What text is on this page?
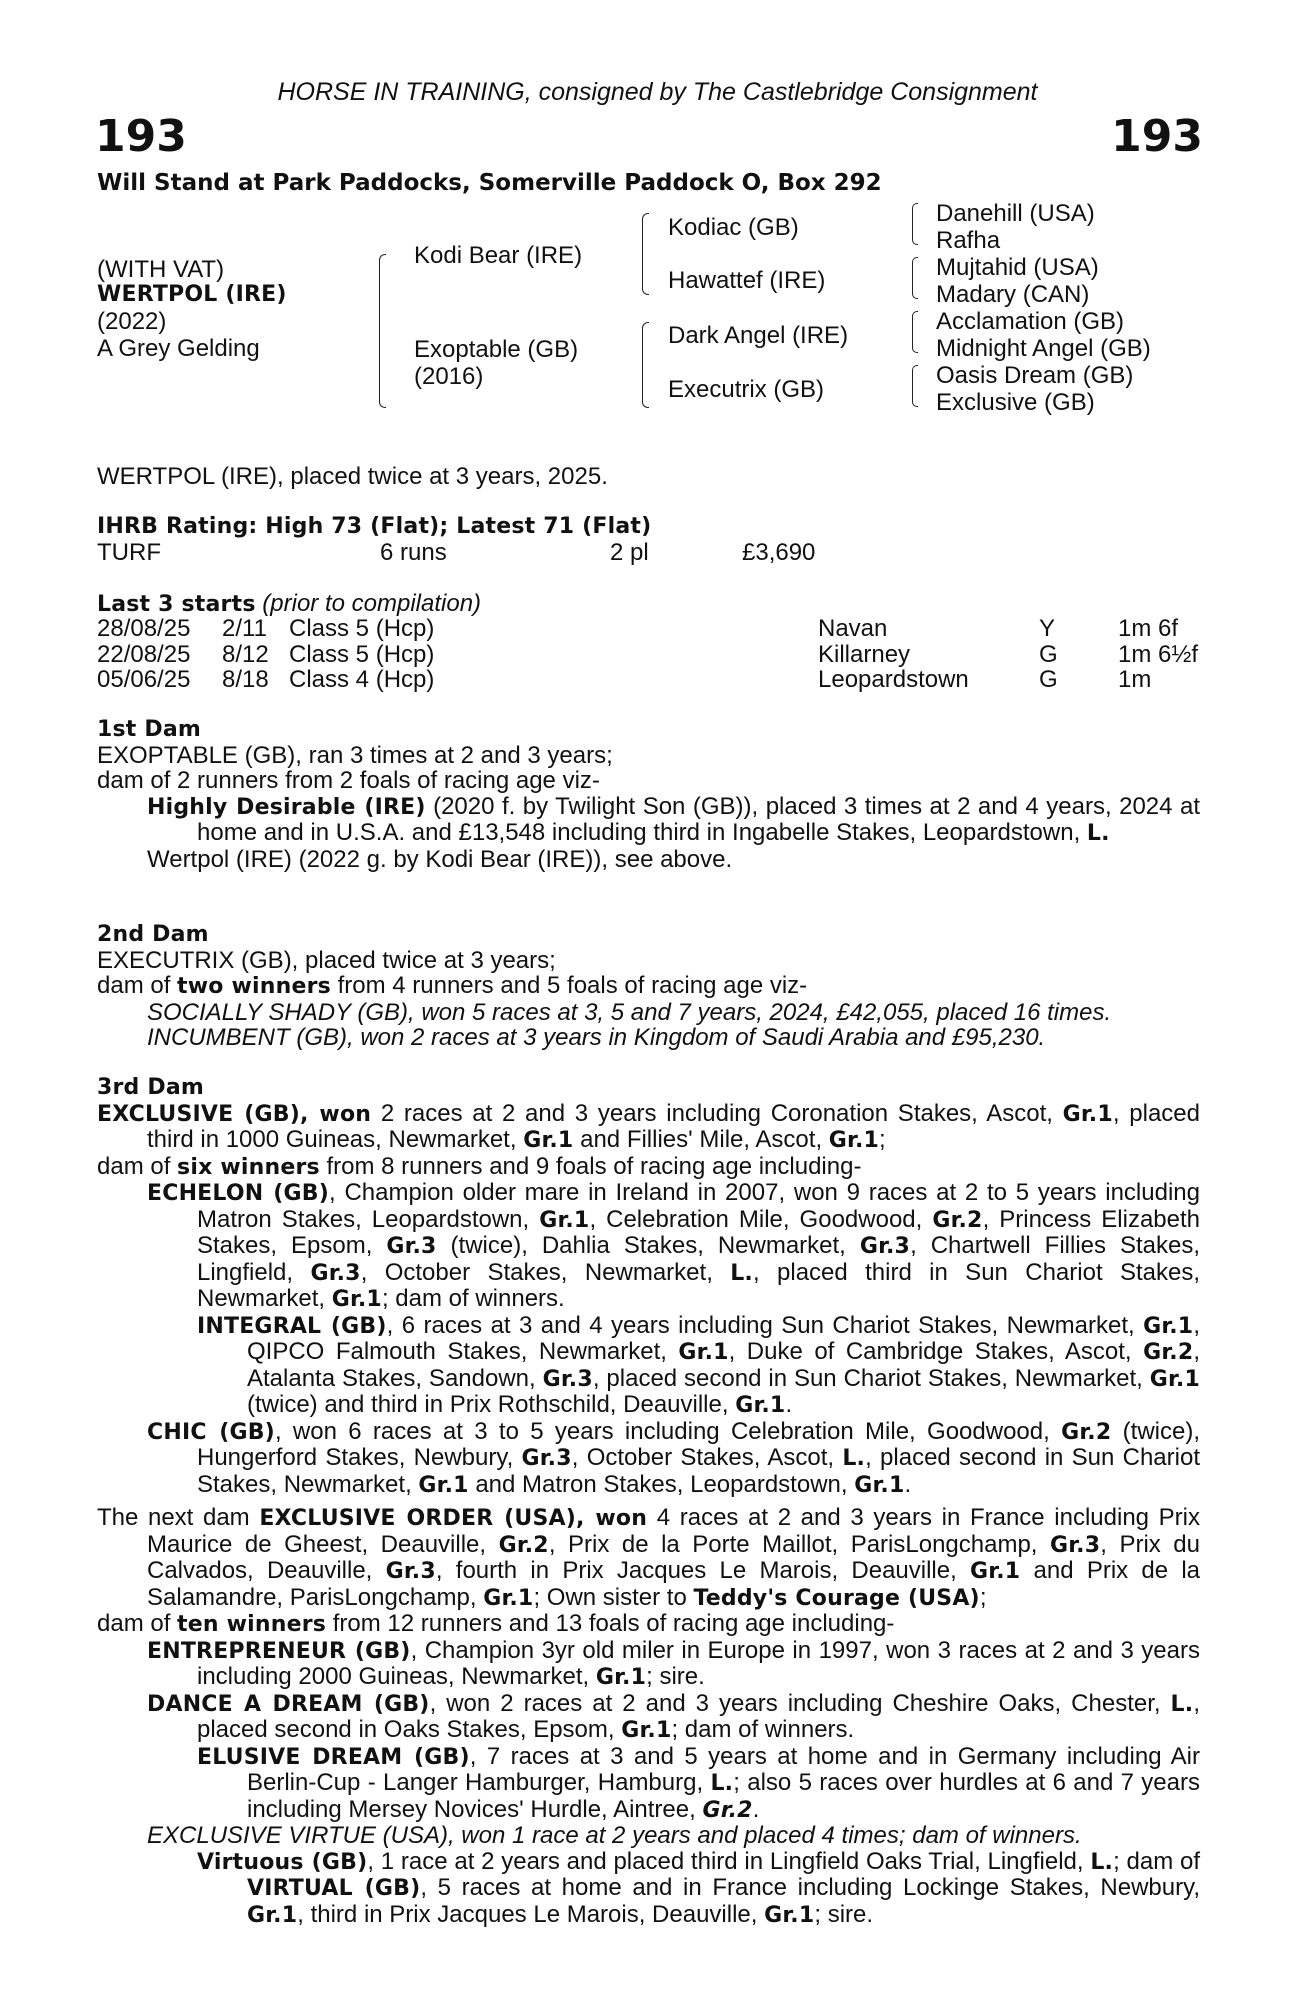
HORSE IN TRAINING, consigned by The Castlebridge Consignment
193	193
Will Stand at Park Paddocks, Somerville Paddock O, Box 292
(WITH VAT)
WERTPOL (IRE)
(2022)
A Grey Gelding
Kodi Bear (IRE)
Exoptable (GB)
(2016)
Kodiac (GB)
Hawattef (IRE)
Dark Angel (IRE)
Executrix (GB)
Danehill (USA)
Rafha
Mujtahid (USA)
Madary (CAN)
Acclamation (GB)
Midnight Angel (GB)
Oasis Dream (GB)
Exclusive (GB)
WERTPOL (IRE), placed twice at 3 years, 2025.
IHRB Rating: High 73 (Flat); Latest 71 (Flat)
TURF	6 runs	2 pl	£3,690
Last 3 starts (prior to compilation)
28/08/25 2/11 Class 5 (Hcp)	Navan	Y	1m 6f
22/08/25 8/12 Class 5 (Hcp)	Killarney	G	1m 6½f
05/06/25 8/18 Class 4 (Hcp)	Leopardstown	G	1m

1st Dam

EXOPTABLE (GB), ran 3 times at 2 and 3 years;

dam of 2 runners from 2 foals of racing age viz-

Highly Desirable (IRE) (2020 f. by Twilight Son (GB)), placed 3 times at 2 and 4 years, 2024 at home and in U.S.A. and £13,548 including third in Ingabelle Stakes, Leopardstown, L.

Wertpol (IRE) (2022 g. by Kodi Bear (IRE)), see above.

2nd Dam

EXECUTRIX (GB), placed twice at 3 years;

dam of two winners from 4 runners and 5 foals of racing age viz-

SOCIALLY SHADY (GB), won 5 races at 3, 5 and 7 years, 2024, £42,055, placed 16 times.

INCUMBENT (GB), won 2 races at 3 years in Kingdom of Saudi Arabia and £95,230.

3rd Dam

EXCLUSIVE (GB), won 2 races at 2 and 3 years including Coronation Stakes, Ascot, Gr.1, placed third in 1000 Guineas, Newmarket, Gr.1 and Fillies' Mile, Ascot, Gr.1;

dam of six winners from 8 runners and 9 foals of racing age including-

ECHELON (GB), Champion older mare in Ireland in 2007, won 9 races at 2 to 5 years including Matron Stakes, Leopardstown, Gr.1, Celebration Mile, Goodwood, Gr.2, Princess Elizabeth Stakes, Epsom, Gr.3 (twice), Dahlia Stakes, Newmarket, Gr.3, Chartwell Fillies Stakes, Lingfield, Gr.3, October Stakes, Newmarket, L., placed third in Sun Chariot Stakes, Newmarket, Gr.1; dam of winners.

INTEGRAL (GB), 6 races at 3 and 4 years including Sun Chariot Stakes, Newmarket, Gr.1, QIPCO Falmouth Stakes, Newmarket, Gr.1, Duke of Cambridge Stakes, Ascot, Gr.2, Atalanta Stakes, Sandown, Gr.3, placed second in Sun Chariot Stakes, Newmarket, Gr.1 (twice) and third in Prix Rothschild, Deauville, Gr.1.

CHIC (GB), won 6 races at 3 to 5 years including Celebration Mile, Goodwood, Gr.2 (twice), Hungerford Stakes, Newbury, Gr.3, October Stakes, Ascot, L., placed second in Sun Chariot Stakes, Newmarket, Gr.1 and Matron Stakes, Leopardstown, Gr.1.

The next dam EXCLUSIVE ORDER (USA), won 4 races at 2 and 3 years in France including Prix Maurice de Gheest, Deauville, Gr.2, Prix de la Porte Maillot, ParisLongchamp, Gr.3, Prix du Calvados, Deauville, Gr.3, fourth in Prix Jacques Le Marois, Deauville, Gr.1 and Prix de la Salamandre, ParisLongchamp, Gr.1; Own sister to Teddy's Courage (USA);

dam of ten winners from 12 runners and 13 foals of racing age including-

ENTREPRENEUR (GB), Champion 3yr old miler in Europe in 1997, won 3 races at 2 and 3 years including 2000 Guineas, Newmarket, Gr.1; sire.

DANCE A DREAM (GB), won 2 races at 2 and 3 years including Cheshire Oaks, Chester, L., placed second in Oaks Stakes, Epsom, Gr.1; dam of winners.

ELUSIVE DREAM (GB), 7 races at 3 and 5 years at home and in Germany including Air Berlin-Cup - Langer Hamburger, Hamburg, L.; also 5 races over hurdles at 6 and 7 years including Mersey Novices' Hurdle, Aintree, Gr.2.

EXCLUSIVE VIRTUE (USA), won 1 race at 2 years and placed 4 times; dam of winners.

Virtuous (GB), 1 race at 2 years and placed third in Lingfield Oaks Trial, Lingfield, L.; dam of VIRTUAL (GB), 5 races at home and in France including Lockinge Stakes, Newbury, Gr.1, third in Prix Jacques Le Marois, Deauville, Gr.1; sire.
